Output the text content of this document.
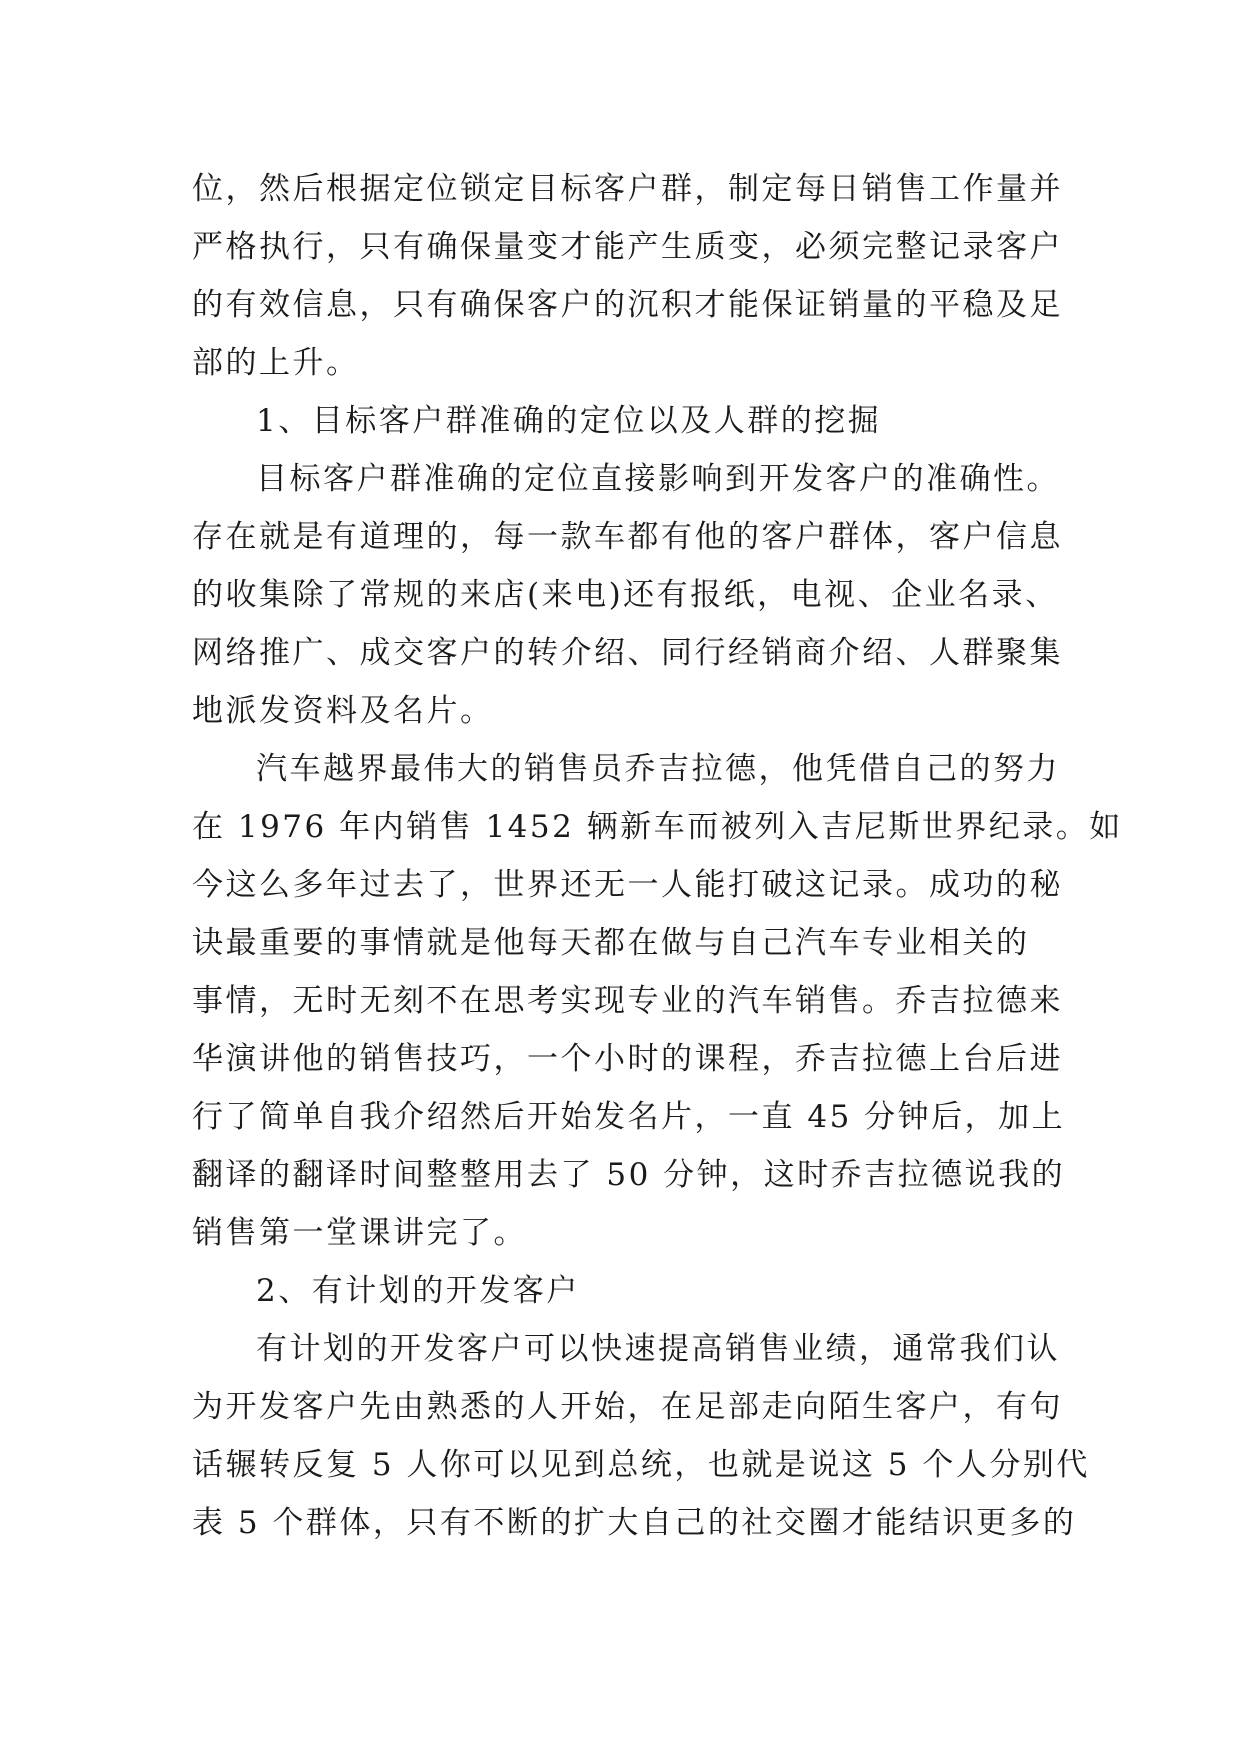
位，然后根据定位锁定目标客户群，制定每日销售工作量并
严格执行，只有确保量变才能产生质变，必须完整记录客户
的有效信息，只有确保客户的沉积才能保证销量的平稳及足
部的上升。
1、目标客户群准确的定位以及人群的挖掘
目标客户群准确的定位直接影响到开发客户的准确性。
存在就是有道理的，每一款车都有他的客户群体，客户信息
的收集除了常规的来店(来电)还有报纸，电视、企业名录、
网络推广、成交客户的转介绍、同行经销商介绍、人群聚集
地派发资料及名片。
汽车越界最伟大的销售员乔吉拉德，他凭借自己的努力
在 1976 年内销售 1452 辆新车而被列入吉尼斯世界纪录。如
今这么多年过去了，世界还无一人能打破这记录。成功的秘
诀最重要的事情就是他每天都在做与自己汽车专业相关的
事情，无时无刻不在思考实现专业的汽车销售。乔吉拉德来
华演讲他的销售技巧，一个小时的课程，乔吉拉德上台后进
行了简单自我介绍然后开始发名片，一直 45 分钟后，加上
翻译的翻译时间整整用去了 50 分钟，这时乔吉拉德说我的
销售第一堂课讲完了。
2、有计划的开发客户
有计划的开发客户可以快速提高销售业绩，通常我们认
为开发客户先由熟悉的人开始，在足部走向陌生客户，有句
话辗转反复 5 人你可以见到总统，也就是说这 5 个人分别代
表 5 个群体，只有不断的扩大自己的社交圈才能结识更多的
